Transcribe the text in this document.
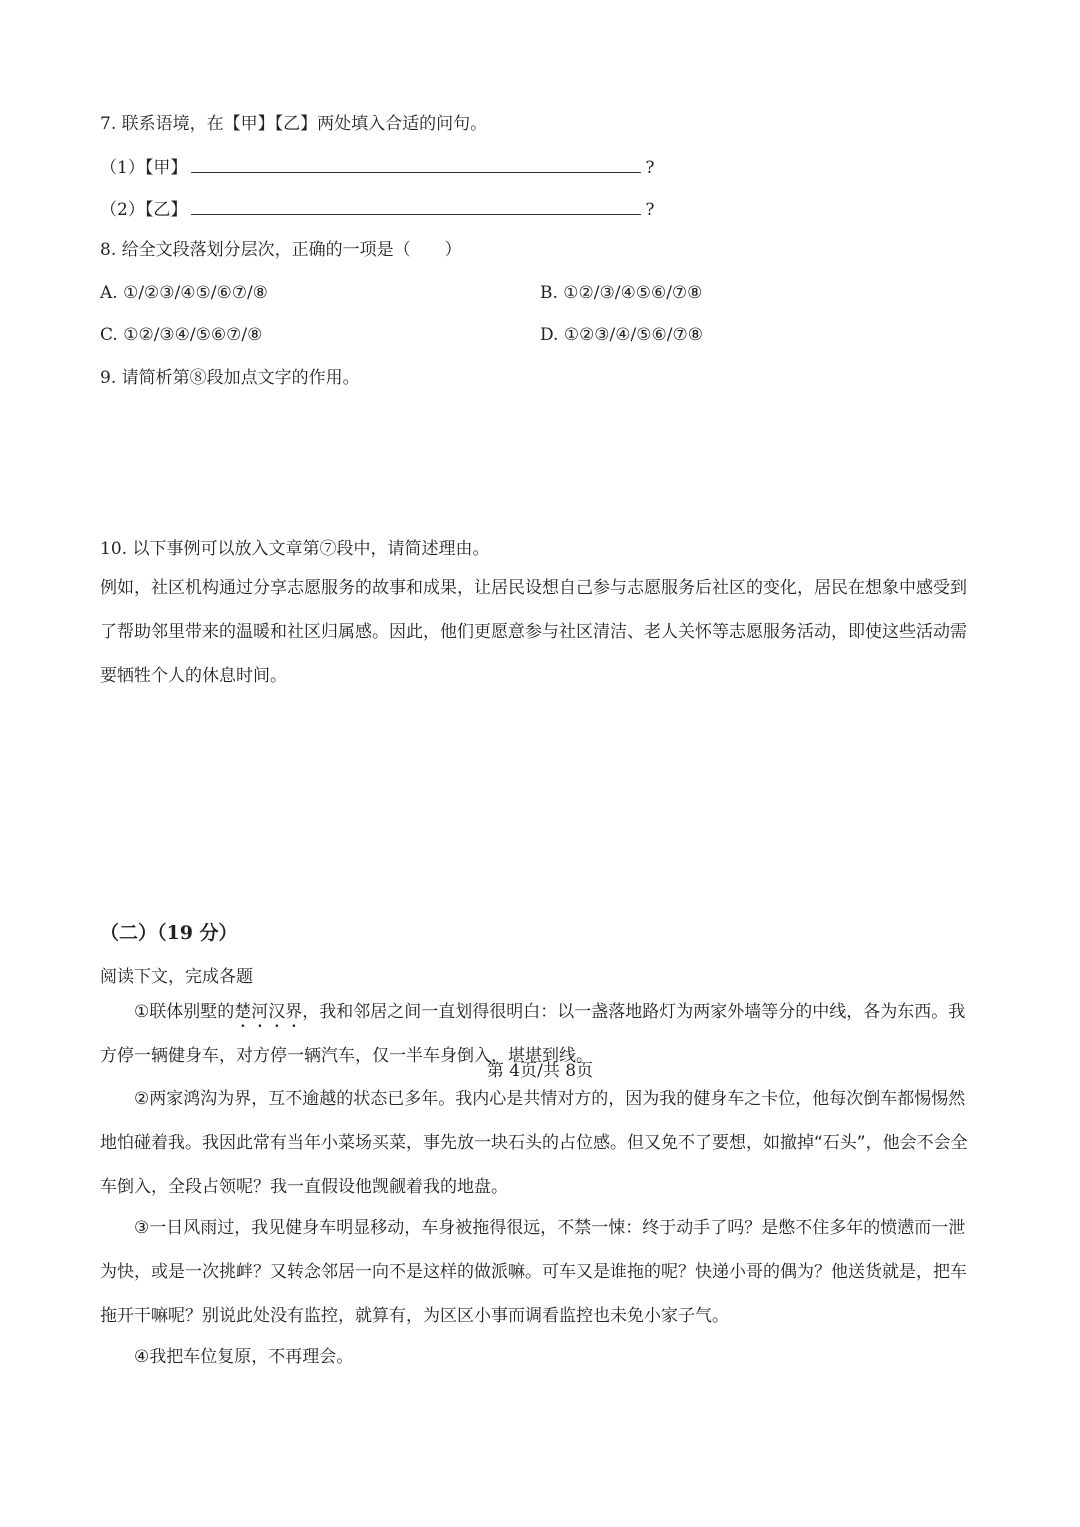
7. 联系语境，在【甲】【乙】两处填入合适的问句。
（1）【甲】	?
（2）【乙】	?
8. 给全文段落划分层次，正确的一项是（　　）
A. ①/②③/④⑤/⑥⑦/⑧	B. ①②/③/④⑤⑥/⑦⑧
C. ①②/③④/⑤⑥⑦/⑧	D. ①②③/④/⑤⑥/⑦⑧
9. 请简析第⑧段加点文字的作用。
10. 以下事例可以放入文章第⑦段中，请简述理由。
例如，社区机构通过分享志愿服务的故事和成果，让居民设想自己参与志愿服务后社区的变化，居民在想象中感受到了帮助邻里带来的温暖和社区归属感。因此，他们更愿意参与社区清洁、老人关怀等志愿服务活动，即使这些活动需要牺牲个人的休息时间。
（二）（19 分）
阅读下文，完成各题
①联体别墅的楚河汉界，我和邻居之间一直划得很明白：以一盏落地路灯为两家外墙等分的中线，各为东西。我方停一辆健身车，对方停一辆汽车，仅一半车身倒入，堪堪到线。
②两家鸿沟为界，互不逾越的状态已多年。我内心是共情对方的，因为我的健身车之卡位，他每次倒车都惕惕然地怕碰着我。我因此常有当年小菜场买菜，事先放一块石头的占位感。但又免不了要想，如撤掉“石头”，他会不会全车倒入，全段占领呢？我一直假设他觊觎着我的地盘。
③一日风雨过，我见健身车明显移动，车身被拖得很远，不禁一悚：终于动手了吗？是憋不住多年的愤懑而一泄为快，或是一次挑衅？又转念邻居一向不是这样的做派嘛。可车又是谁拖的呢？快递小哥的偶为？他送货就是，把车拖开干嘛呢？别说此处没有监控，就算有，为区区小事而调看监控也未免小家子气。
④我把车位复原，不再理会。
第 4页/共 8页
